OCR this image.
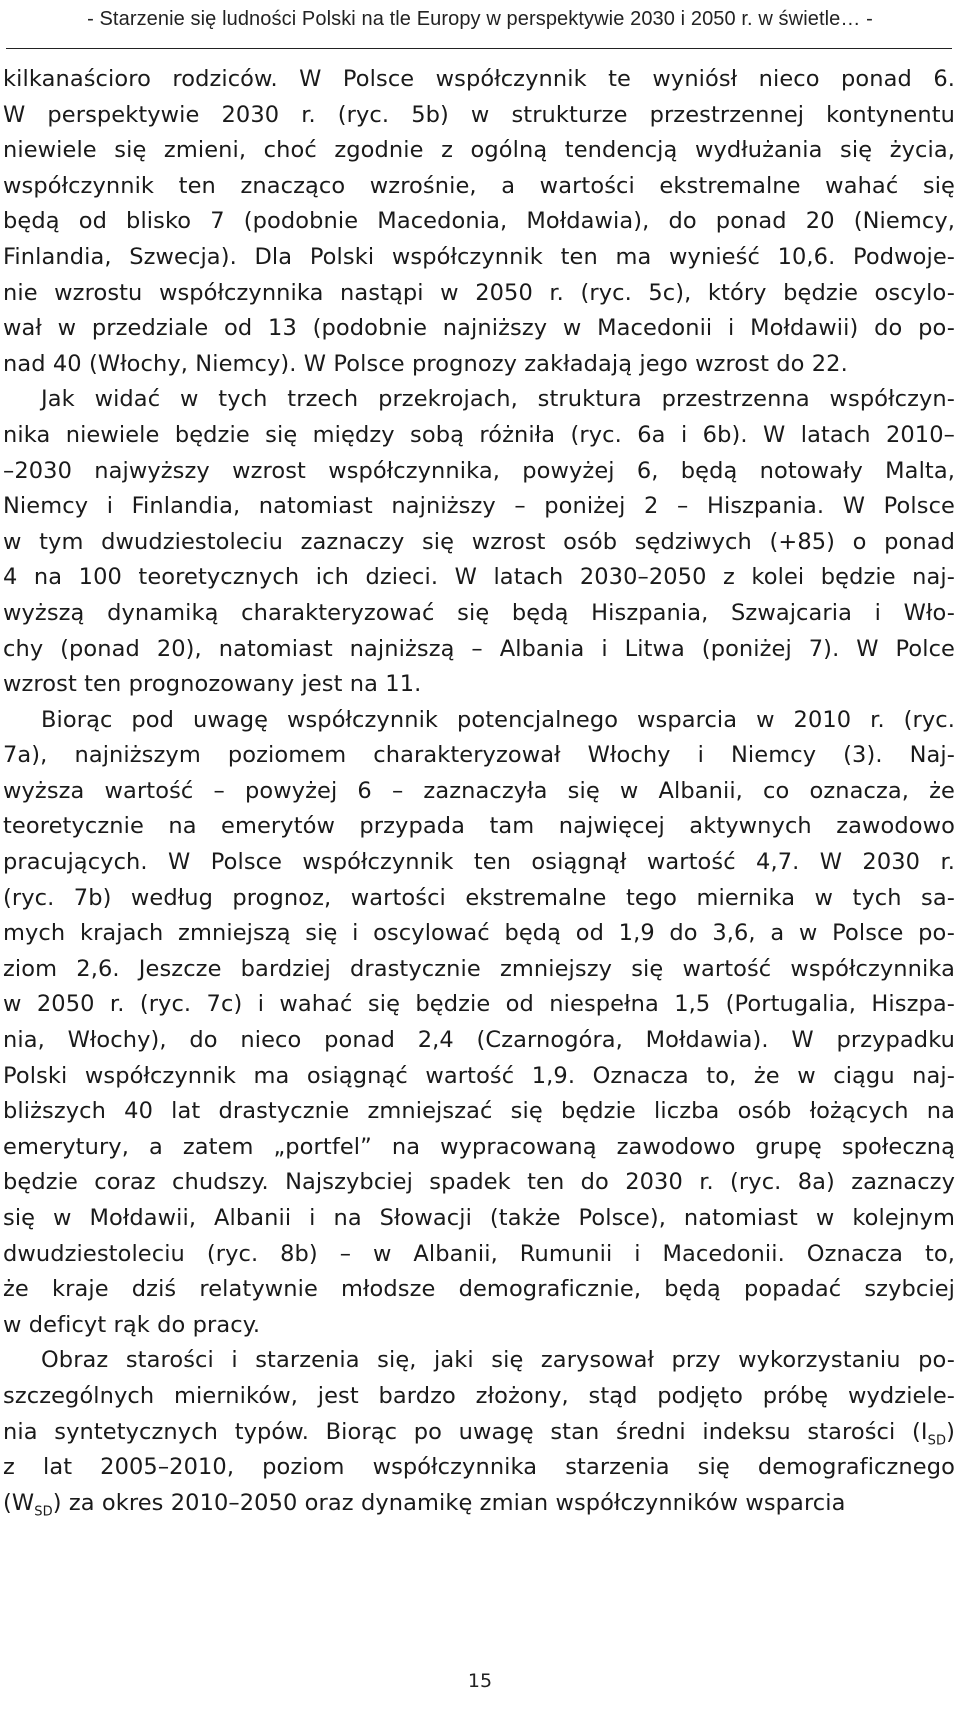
- Starzenie się ludności Polski na tle Europy w perspektywie 2030 i 2050 r. w świetle… -
kilkanaścioro rodziców. W Polsce współczynnik te wyniósł nieco ponad 6.
W perspektywie 2030 r. (ryc. 5b) w strukturze przestrzennej kontynentu
niewiele się zmieni, choć zgodnie z ogólną tendencją wydłużania się życia,
współczynnik ten znacząco wzrośnie, a wartości ekstremalne wahać się
będą od blisko 7 (podobnie Macedonia, Mołdawia), do ponad 20 (Niemcy,
Finlandia, Szwecja). Dla Polski współczynnik ten ma wynieść 10,6. Podwoje-
nie wzrostu współczynnika nastąpi w 2050 r. (ryc. 5c), który będzie oscylo-
wał w przedziale od 13 (podobnie najniższy w Macedonii i Mołdawii) do po-
nad 40 (Włochy, Niemcy). W Polsce prognozy zakładają jego wzrost do 22.
Jak widać w tych trzech przekrojach, struktura przestrzenna współczyn-
nika niewiele będzie się między sobą różniła (ryc. 6a i 6b). W latach 2010–
–2030 najwyższy wzrost współczynnika, powyżej 6, będą notowały Malta,
Niemcy i Finlandia, natomiast najniższy – poniżej 2 – Hiszpania. W Polsce
w tym dwudziestoleciu zaznaczy się wzrost osób sędziwych (+85) o ponad
4 na 100 teoretycznych ich dzieci. W latach 2030–2050 z kolei będzie naj-
wyższą dynamiką charakteryzować się będą Hiszpania, Szwajcaria i Wło-
chy (ponad 20), natomiast najniższą – Albania i Litwa (poniżej 7). W Polce
wzrost ten prognozowany jest na 11.
Biorąc pod uwagę współczynnik potencjalnego wsparcia w 2010 r. (ryc.
7a), najniższym poziomem charakteryzował Włochy i Niemcy (3). Naj-
wyższa wartość – powyżej 6 – zaznaczyła się w Albanii, co oznacza, że
teoretycznie na emerytów przypada tam najwięcej aktywnych zawodowo
pracujących. W Polsce współczynnik ten osiągnął wartość 4,7. W 2030 r.
(ryc. 7b) według prognoz, wartości ekstremalne tego miernika w tych sa-
mych krajach zmniejszą się i oscylować będą od 1,9 do 3,6, a w Polsce po-
ziom 2,6. Jeszcze bardziej drastycznie zmniejszy się wartość współczynnika
w 2050 r. (ryc. 7c) i wahać się będzie od niespełna 1,5 (Portugalia, Hiszpa-
nia, Włochy), do nieco ponad 2,4 (Czarnogóra, Mołdawia). W przypadku
Polski współczynnik ma osiągnąć wartość 1,9. Oznacza to, że w ciągu naj-
bliższych 40 lat drastycznie zmniejszać się będzie liczba osób łożących na
emerytury, a zatem „portfel” na wypracowaną zawodowo grupę społeczną
będzie coraz chudszy. Najszybciej spadek ten do 2030 r. (ryc. 8a) zaznaczy
się w Mołdawii, Albanii i na Słowacji (także Polsce), natomiast w kolejnym
dwudziestoleciu (ryc. 8b) – w Albanii, Rumunii i Macedonii. Oznacza to,
że kraje dziś relatywnie młodsze demograficznie, będą popadać szybciej
w deficyt rąk do pracy.
Obraz starości i starzenia się, jaki się zarysował przy wykorzystaniu po-
szczególnych mierników, jest bardzo złożony, stąd podjęto próbę wydziele-
nia syntetycznych typów. Biorąc po uwagę stan średni indeksu starości $(I_{SD})$
z lat 2005–2010, poziom współczynnika starzenia się demograficznego
$(W_{SD})$ za okres 2010–2050 oraz dynamikę zmian współczynników wsparcia
15
